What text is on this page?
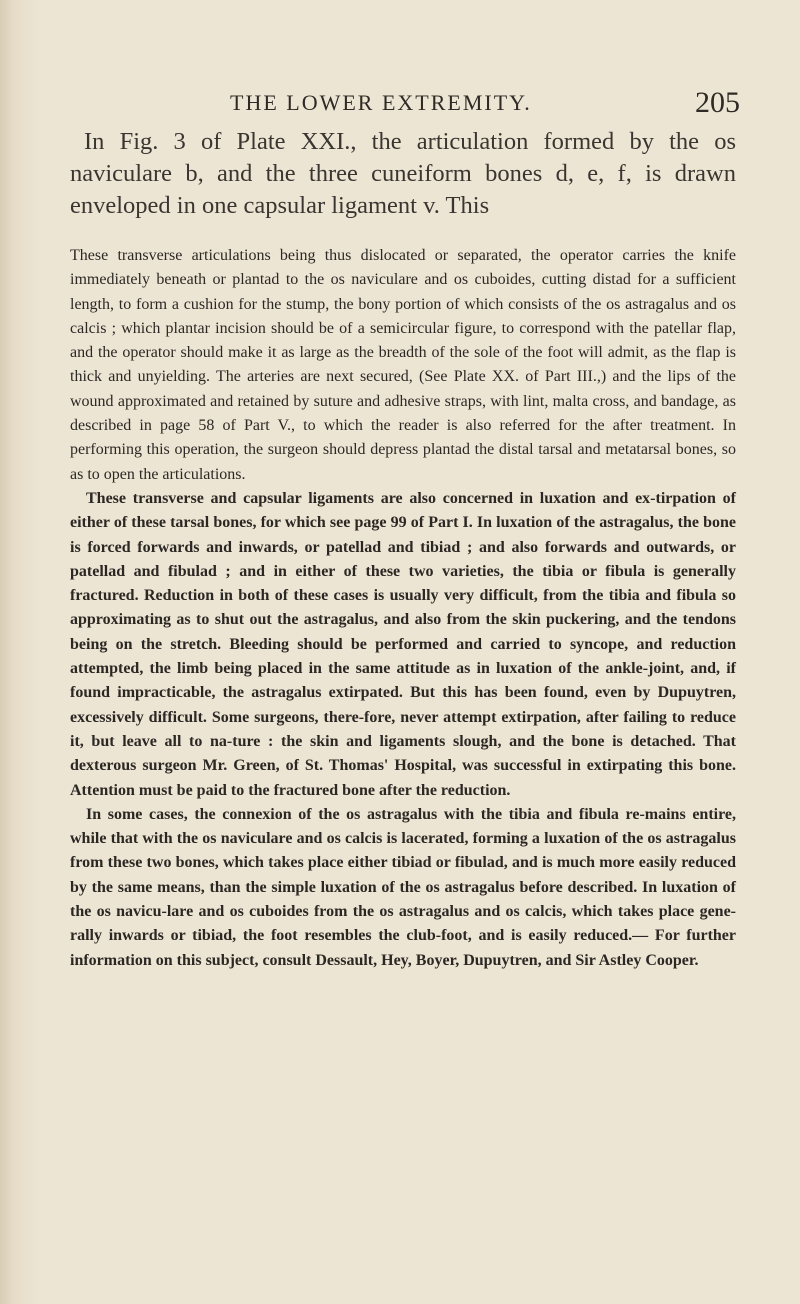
THE LOWER EXTREMITY.	205
In Fig. 3 of Plate XXI., the articulation formed by the os naviculare b, and the three cuneiform bones d, e, f, is drawn enveloped in one capsular ligament v. This

These transverse articulations being thus dislocated or separated, the operator carries the knife immediately beneath or plantad to the os naviculare and os cuboides, cutting distad for a sufficient length, to form a cushion for the stump, the bony portion of which consists of the os astragalus and os calcis ; which plantar incision should be of a semicircular figure, to correspond with the patellar flap, and the operator should make it as large as the breadth of the sole of the foot will admit, as the flap is thick and unyielding. The arteries are next secured, (See Plate XX. of Part III.,) and the lips of the wound approximated and retained by suture and adhesive straps, with lint, malta cross, and bandage, as described in page 58 of Part V., to which the reader is also referred for the after treatment. In performing this operation, the surgeon should depress plantad the distal tarsal and metatarsal bones, so as to open the articulations.

These transverse and capsular ligaments are also concerned in luxation and ex-tirpation of either of these tarsal bones, for which see page 99 of Part I. In luxation of the astragalus, the bone is forced forwards and inwards, or patellad and tibiad ; and also forwards and outwards, or patellad and fibulad ; and in either of these two varieties, the tibia or fibula is generally fractured. Reduction in both of these cases is usually very difficult, from the tibia and fibula so approximating as to shut out the astragalus, and also from the skin puckering, and the tendons being on the stretch. Bleeding should be performed and carried to syncope, and reduction attempted, the limb being placed in the same attitude as in luxation of the ankle-joint, and, if found impracticable, the astragalus extirpated. But this has been found, even by Dupuytren, excessively difficult. Some surgeons, there-fore, never attempt extirpation, after failing to reduce it, but leave all to na-ture : the skin and ligaments slough, and the bone is detached. That dexterous surgeon Mr. Green, of St. Thomas' Hospital, was successful in extirpating this bone. Attention must be paid to the fractured bone after the reduction.

In some cases, the connexion of the os astragalus with the tibia and fibula re-mains entire, while that with the os naviculare and os calcis is lacerated, forming a luxation of the os astragalus from these two bones, which takes place either tibiad or fibulad, and is much more easily reduced by the same means, than the simple luxation of the os astragalus before described. In luxation of the os navicu-lare and os cuboides from the os astragalus and os calcis, which takes place gene-rally inwards or tibiad, the foot resembles the club-foot, and is easily reduced.— For further information on this subject, consult Dessault, Hey, Boyer, Dupuytren, and Sir Astley Cooper.
